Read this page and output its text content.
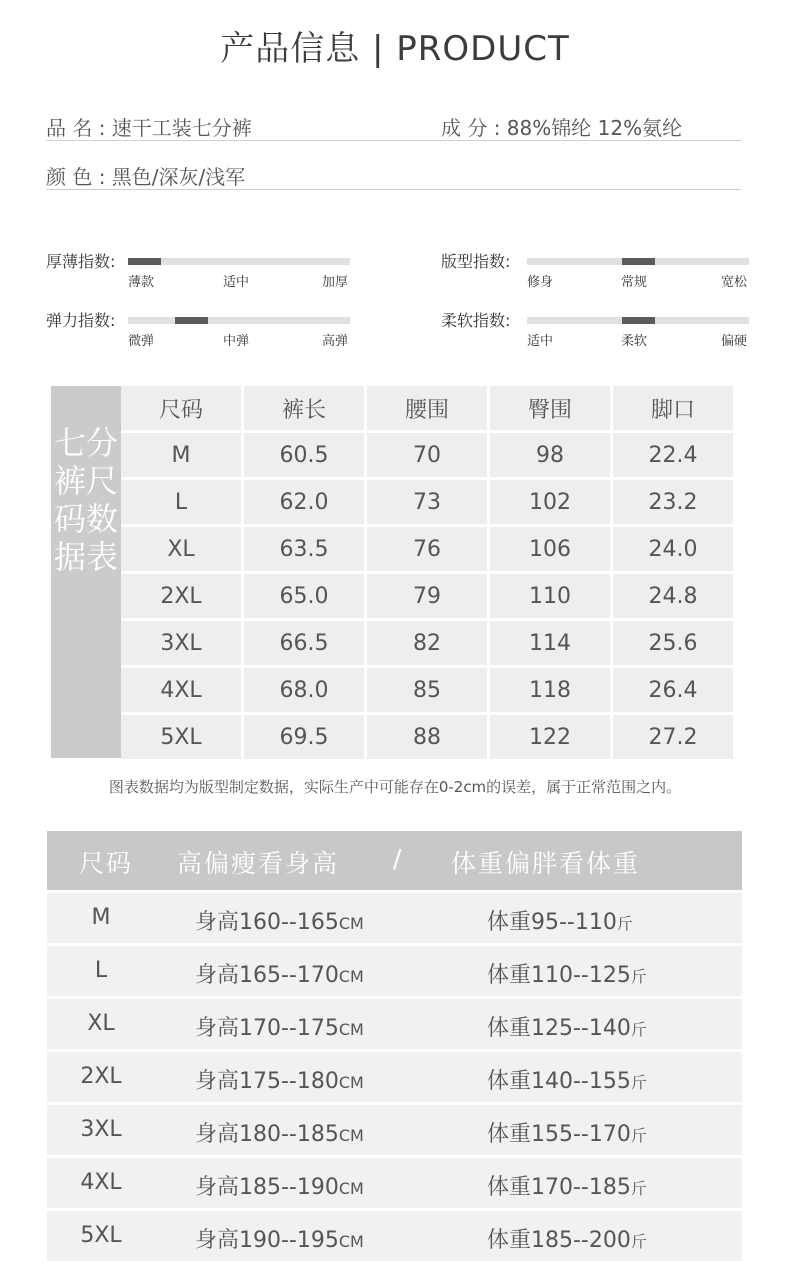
产品信息 | PRODUCT
品 名 : 速干工装七分裤	成 分 : 88%锦纶 12%氨纶
颜 色 : 黑色/深灰/浅军
厚薄指数:
薄款	适中	加厚
版型指数:
修身	常规	宽松
弹力指数:
微弹	中弹	高弹
柔软指数:
适中	柔软	偏硬
七分裤尺码数据表
尺码	裤长	腰围	臀围	脚口
M	60.5	70	98	22.4
L	62.0	73	102	23.2
XL	63.5	76	106	24.0
2XL	65.0	79	110	24.8
3XL	66.5	82	114	25.6
4XL	68.0	85	118	26.4
5XL	69.5	88	122	27.2
图表数据均为版型制定数据，实际生产中可能存在0-2cm的误差，属于正常范围之内。
尺码 高偏瘦看身高 / 体重偏胖看体重
M	身高160--165CM	体重95--110斤
L	身高165--170CM	体重110--125斤
XL	身高170--175CM	体重125--140斤
2XL	身高175--180CM	体重140--155斤
3XL	身高180--185CM	体重155--170斤
4XL	身高185--190CM	体重170--185斤
5XL	身高190--195CM	体重185--200斤
